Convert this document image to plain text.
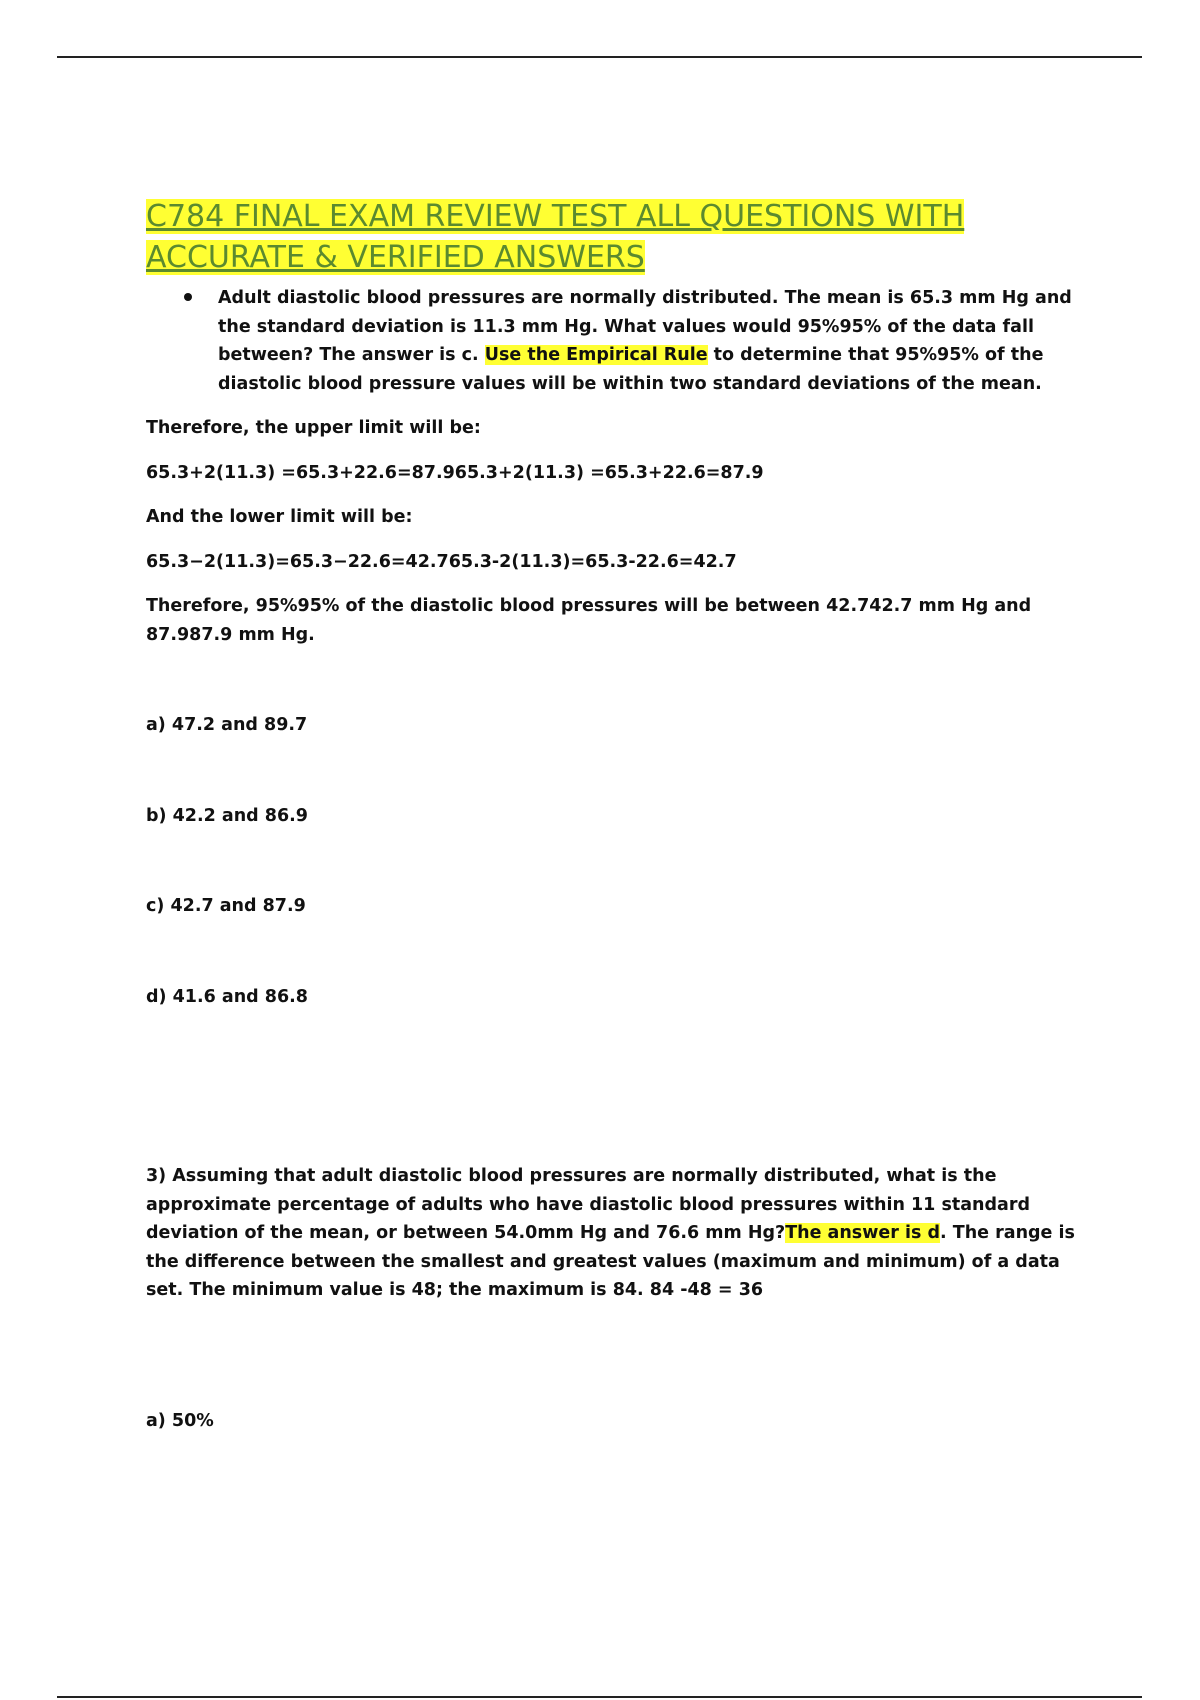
C784 FINAL EXAM REVIEW TEST ALL QUESTIONS WITH
ACCURATE & VERIFIED ANSWERS

Adult diastolic blood pressures are normally distributed. The mean is 65.3 mm Hg and the standard deviation is 11.3 mm Hg. What values would 95%95% of the data fall between? The answer is c. Use the Empirical Rule to determine that 95%95% of the diastolic blood pressure values will be within two standard deviations of the mean.

Therefore, the upper limit will be:

65.3+2(11.3) =65.3+22.6=87.965.3+2(11.3) =65.3+22.6=87.9

And the lower limit will be:

65.3−2(11.3)=65.3−22.6=42.765.3-2(11.3)=65.3-22.6=42.7

Therefore, 95%95% of the diastolic blood pressures will be between 42.742.7 mm Hg and 87.987.9 mm Hg.

a) 47.2 and 89.7

b) 42.2 and 86.9

c) 42.7 and 87.9

d) 41.6 and 86.8

3) Assuming that adult diastolic blood pressures are normally distributed, what is the approximate percentage of adults who have diastolic blood pressures within 11 standard deviation of the mean, or between 54.0mm Hg and 76.6 mm Hg?The answer is d. The range is the difference between the smallest and greatest values (maximum and minimum) of a data set. The minimum value is 48; the maximum is 84. 84 -48 = 36

a) 50%
